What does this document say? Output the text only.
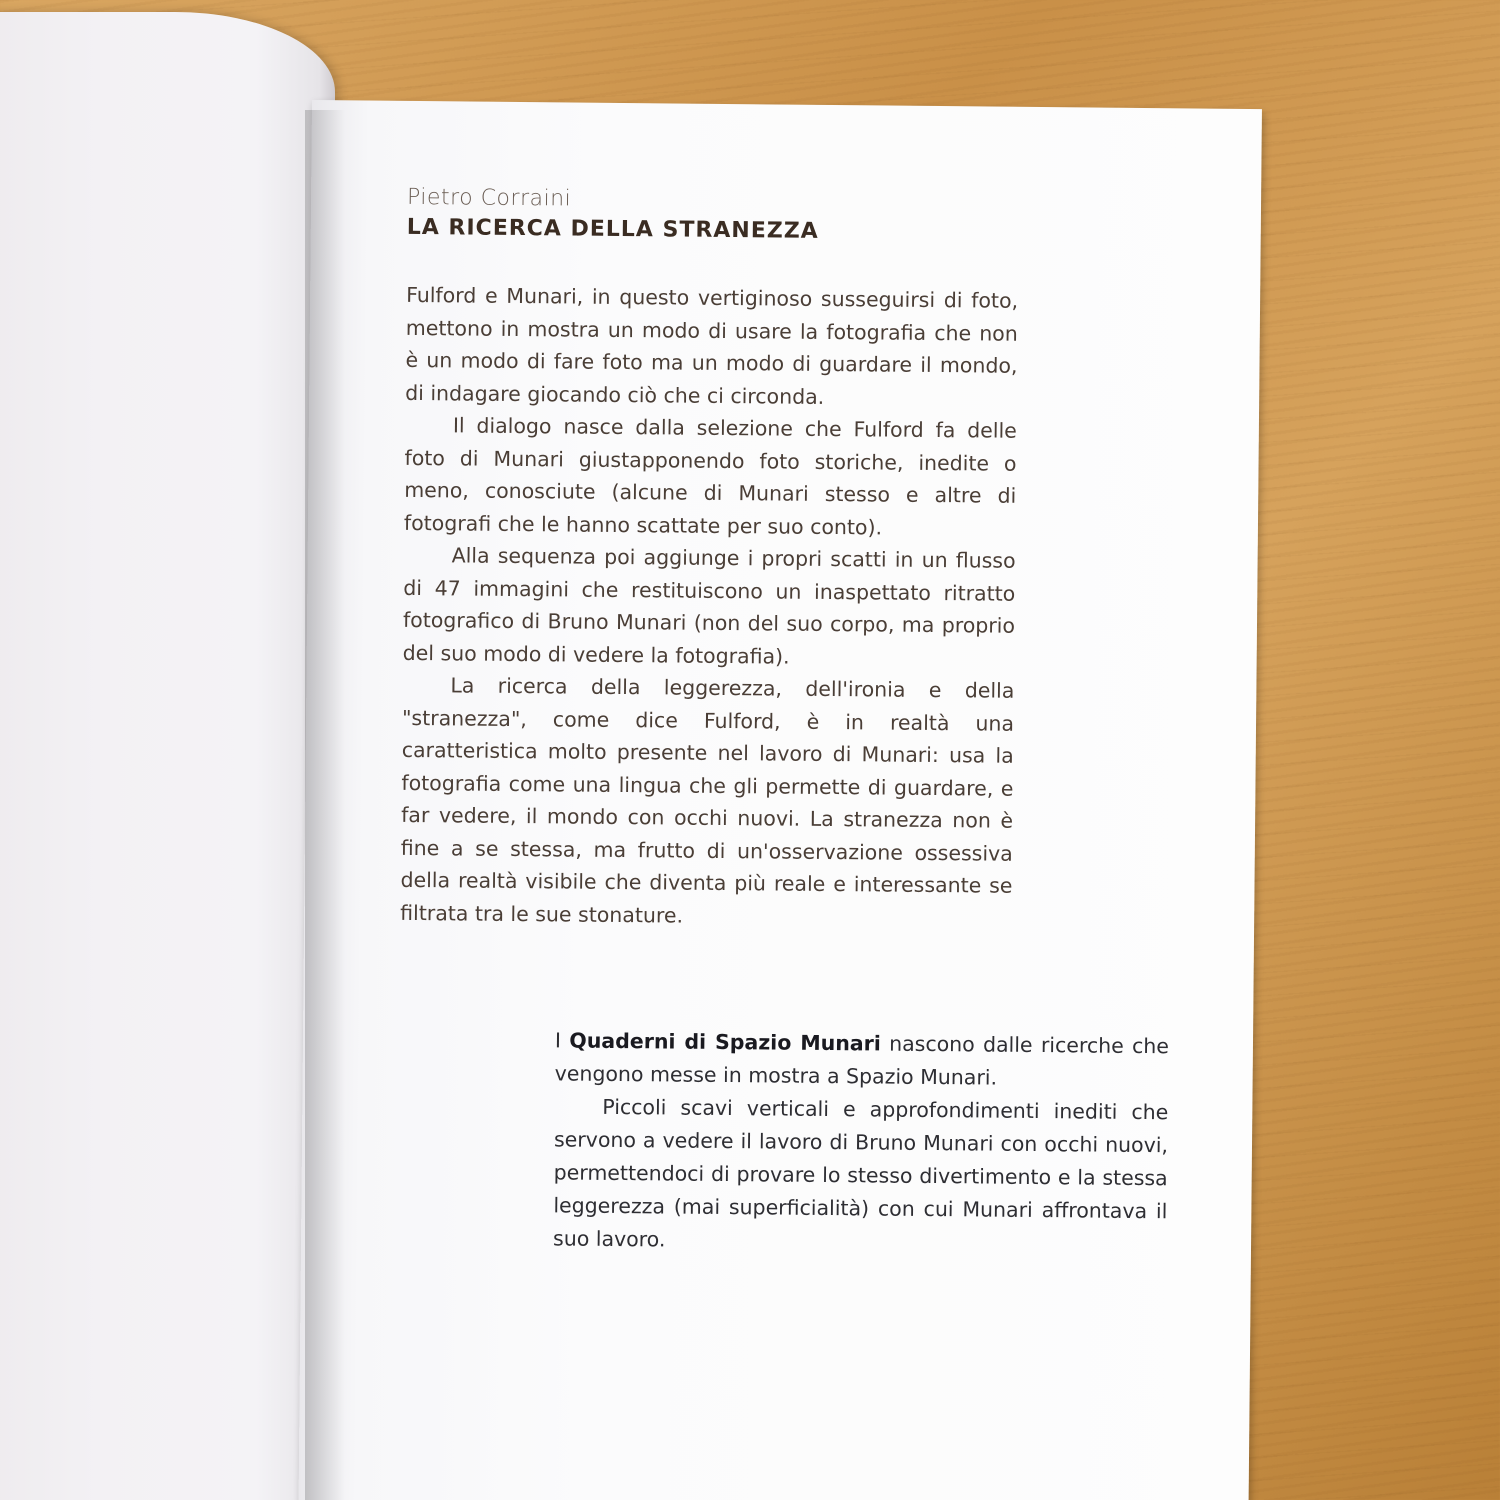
Pietro Corraini
LA RICERCA DELLA STRANEZZA

Fulford e Munari, in questo vertiginoso susseguirsi di foto, mettono in mostra un modo di usare la fotografia che non è un modo di fare foto ma un modo di guardare il mondo, di indagare giocando ciò che ci circonda.

Il dialogo nasce dalla selezione che Fulford fa delle foto di Munari giustapponendo foto storiche, inedite o meno, conosciute (alcune di Munari stesso e altre di fotografi che le hanno scattate per suo conto).

Alla sequenza poi aggiunge i propri scatti in un flusso di 47 immagini che restituiscono un inaspettato ritratto fotografico di Bruno Munari (non del suo corpo, ma proprio del suo modo di vedere la fotografia).

La ricerca della leggerezza, dell'ironia e della "stranezza", come dice Fulford, è in realtà una caratteristica molto presente nel lavoro di Munari: usa la fotografia come una lingua che gli permette di guardare, e far vedere, il mondo con occhi nuovi. La stranezza non è fine a se stessa, ma frutto di un'osservazione ossessiva della realtà visibile che diventa più reale e interessante se filtrata tra le sue stonature.

I Quaderni di Spazio Munari nascono dalle ricerche che vengono messe in mostra a Spazio Munari.

Piccoli scavi verticali e approfondimenti inediti che servono a vedere il lavoro di Bruno Munari con occhi nuovi, permettendoci di provare lo stesso divertimento e la stessa leggerezza (mai superficialità) con cui Munari affrontava il suo lavoro.
